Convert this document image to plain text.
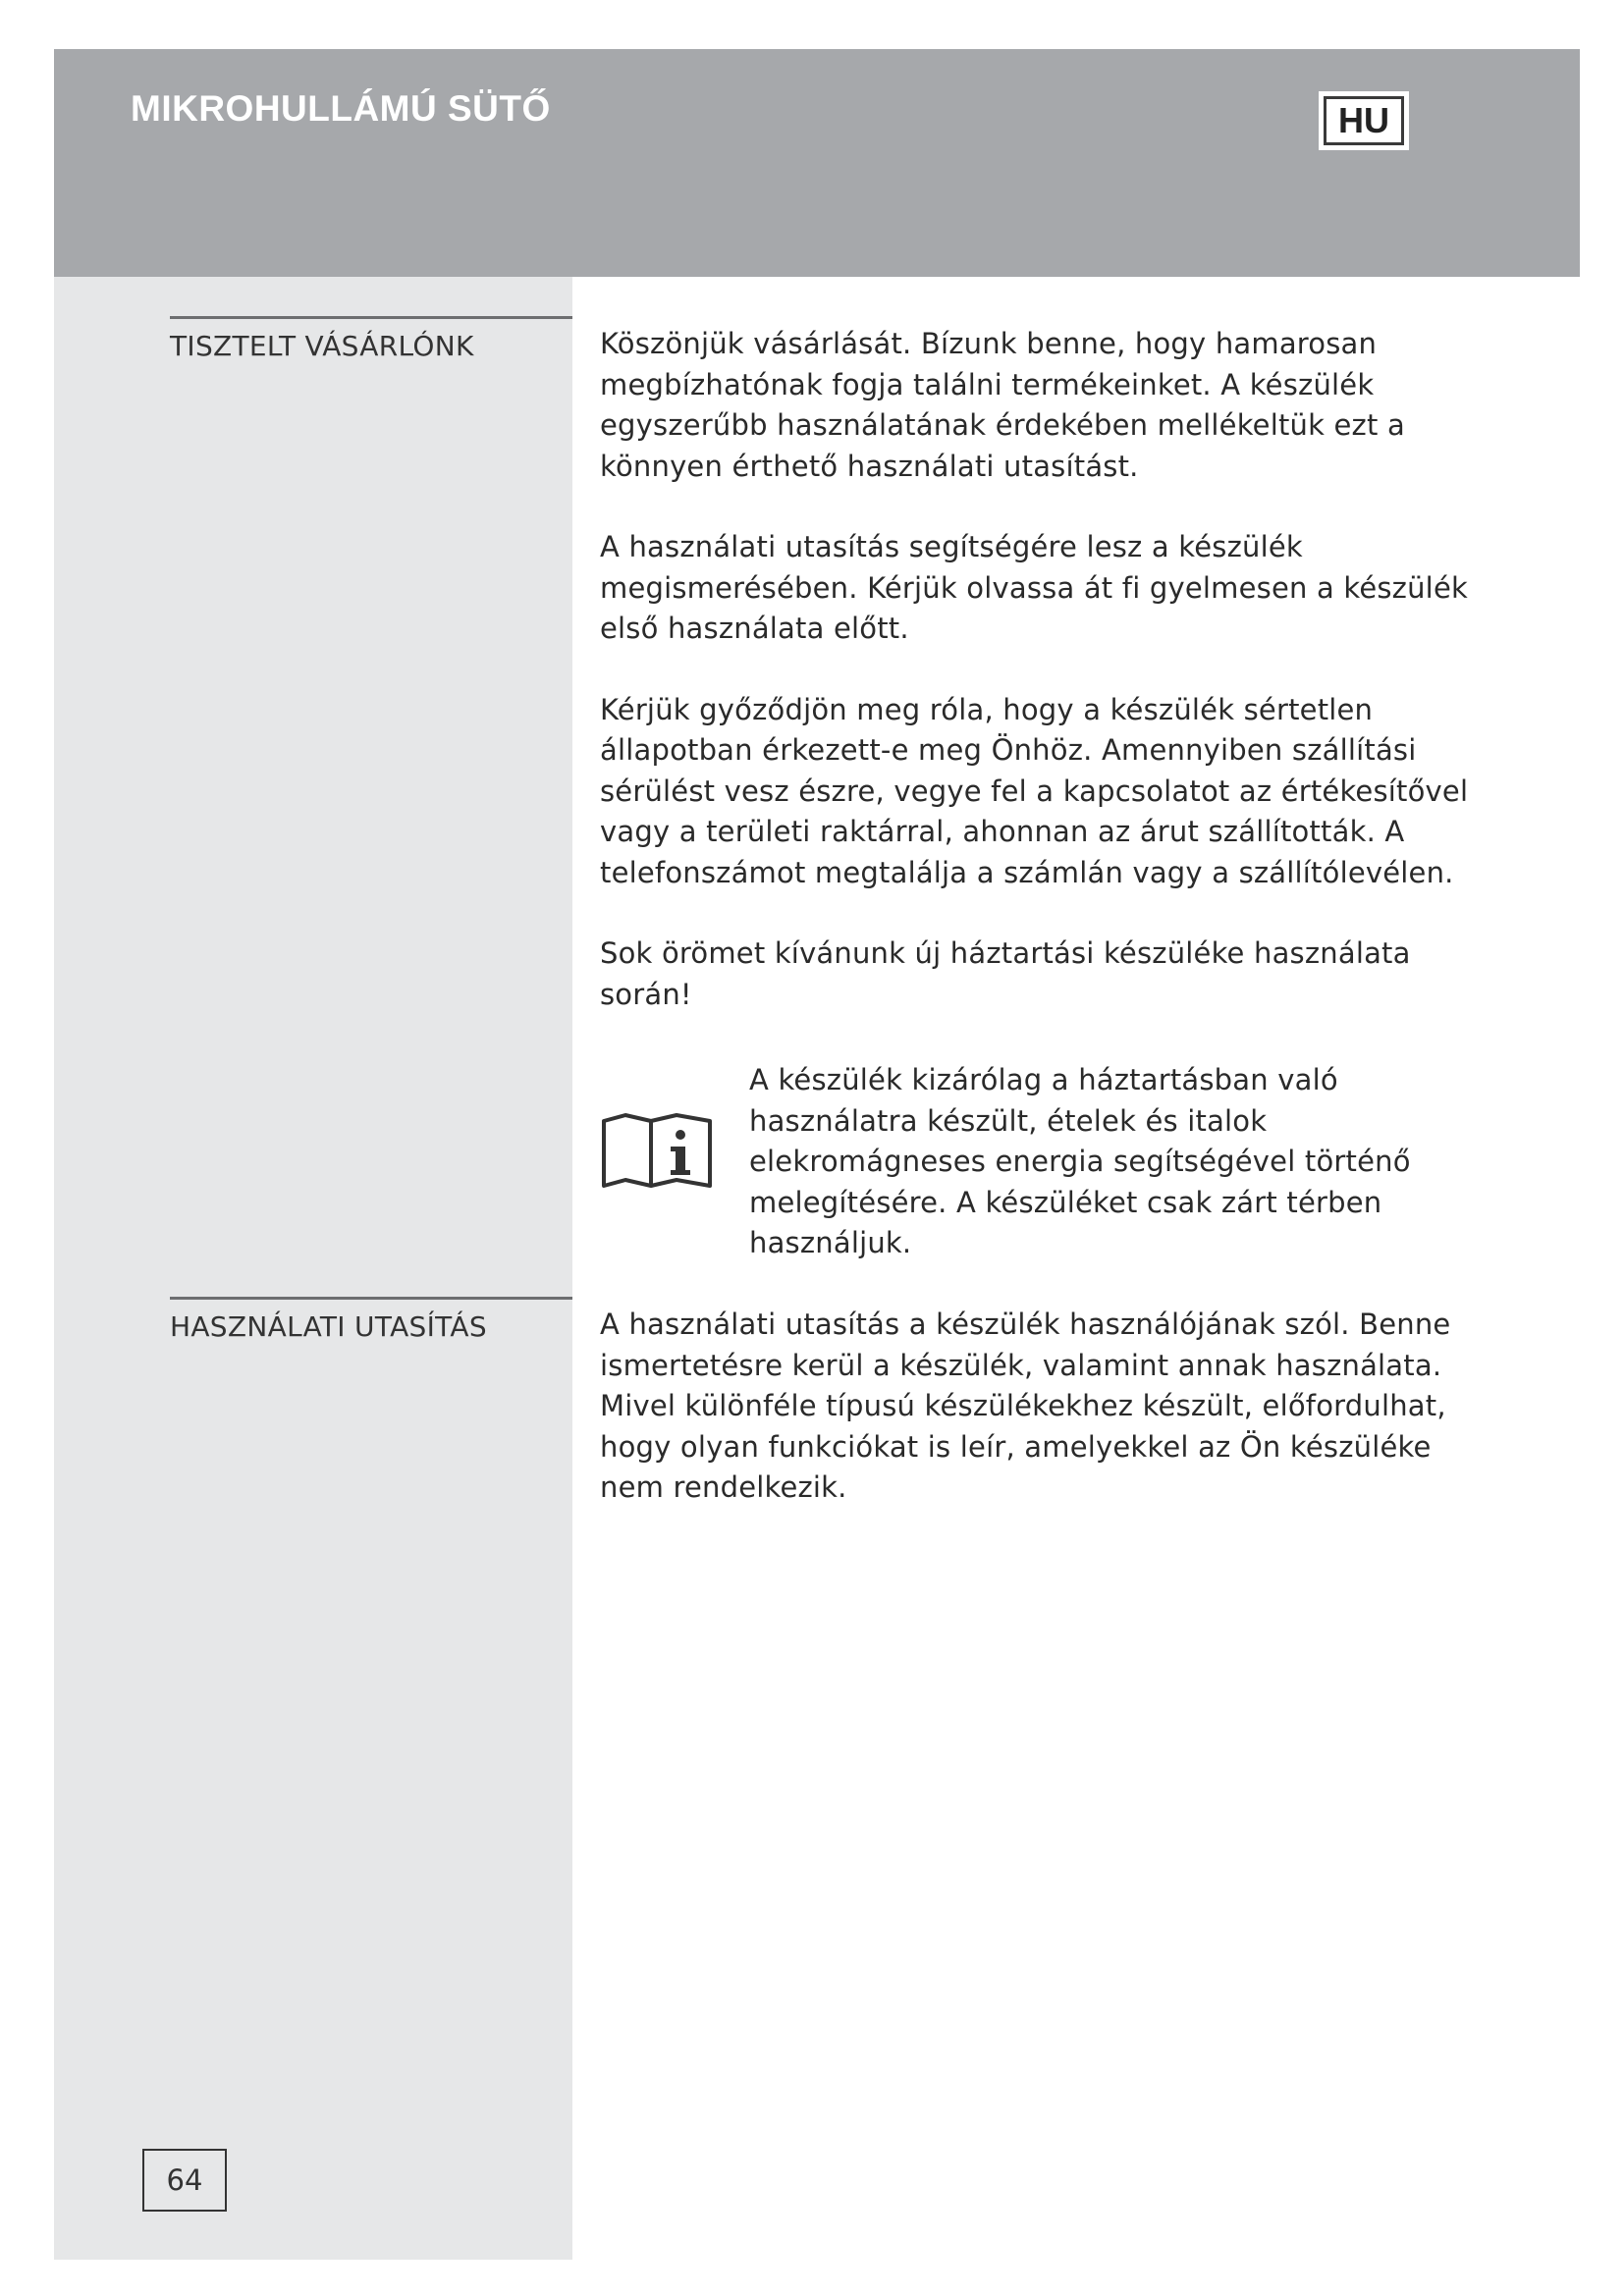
MIKROHULLÁMÚ SÜTŐ	HU
TISZTELT VÁSÁRLÓNK	Köszönjük vásárlását. Bízunk benne, hogy hamarosan megbízhatónak fogja találni termékeinket. A készülék egyszerűbb használatának érdekében mellékeltük ezt a könnyen érthető használati utasítást.

A használati utasítás segítségére lesz a készülék megismerésében. Kérjük olvassa át fi gyelmesen a készülék első használata előtt.

Kérjük győződjön meg róla, hogy a készülék sértetlen állapotban érkezett-e meg Önhöz. Amennyiben szállítási sérülést vesz észre, vegye fel a kapcsolatot az értékesítővel vagy a területi raktárral, ahonnan az árut szállították. A telefonszámot megtalálja a számlán vagy a szállítólevélen.

Sok örömet kívánunk új háztartási készüléke használata során!

A készülék kizárólag a háztartásban való használatra készült, ételek és italok elekromágneses energia segítségével történő melegítésére. A készüléket csak zárt térben használjuk.

HASZNÁLATI UTASÍTÁS	A használati utasítás a készülék használójának szól. Benne ismertetésre kerül a készülék, valamint annak használata. Mivel különféle típusú készülékekhez készült, előfordulhat, hogy olyan funkciókat is leír, amelyekkel az Ön készüléke nem rendelkezik.

64
